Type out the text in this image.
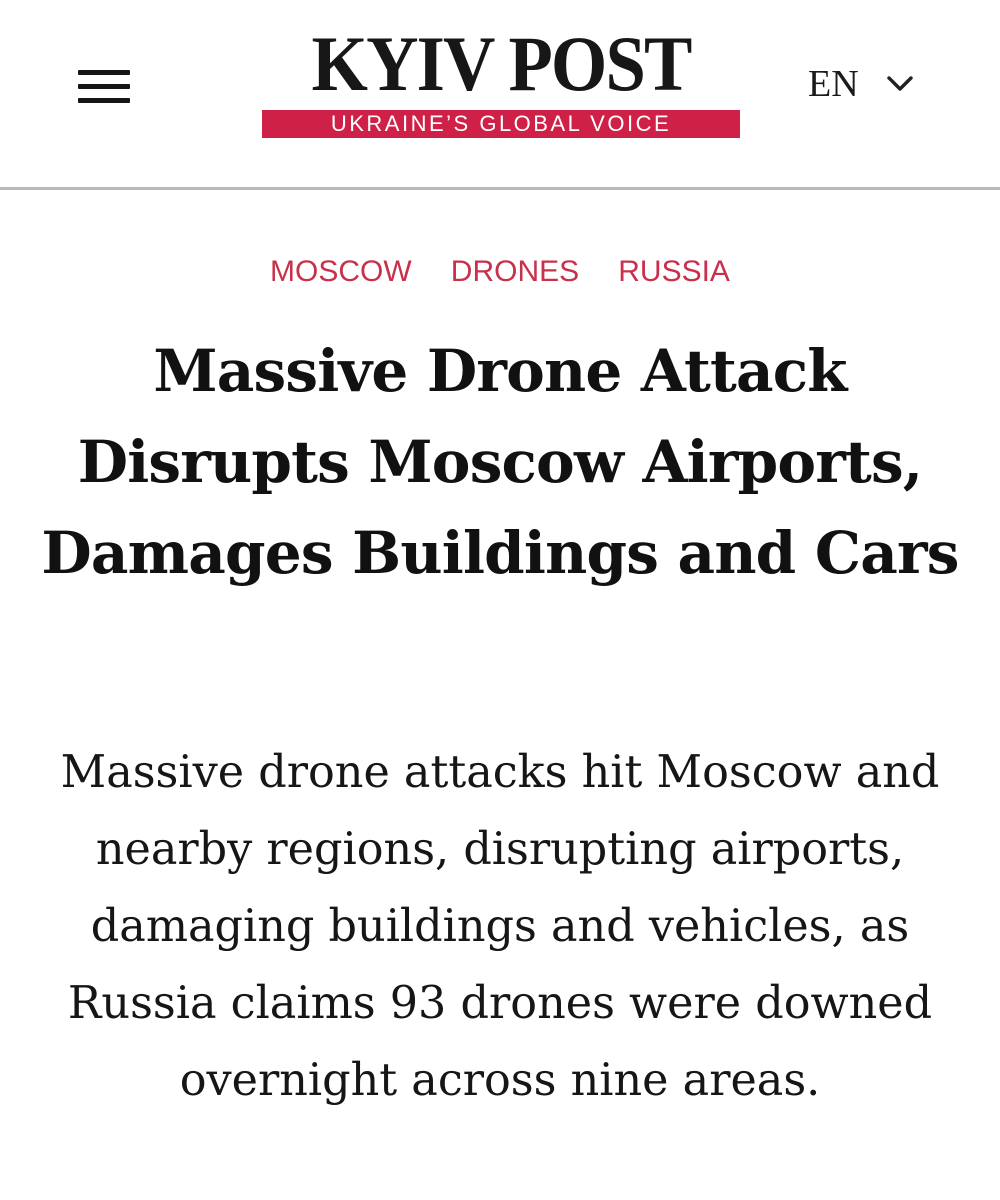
KYIV POST
UKRAINE’S GLOBAL VOICE
EN
MOSCOW DRONES RUSSIA
Massive Drone Attack Disrupts Moscow Airports, Damages Buildings and Cars

Massive drone attacks hit Moscow and nearby regions, disrupting airports, damaging buildings and vehicles, as Russia claims 93 drones were downed overnight across nine areas.
